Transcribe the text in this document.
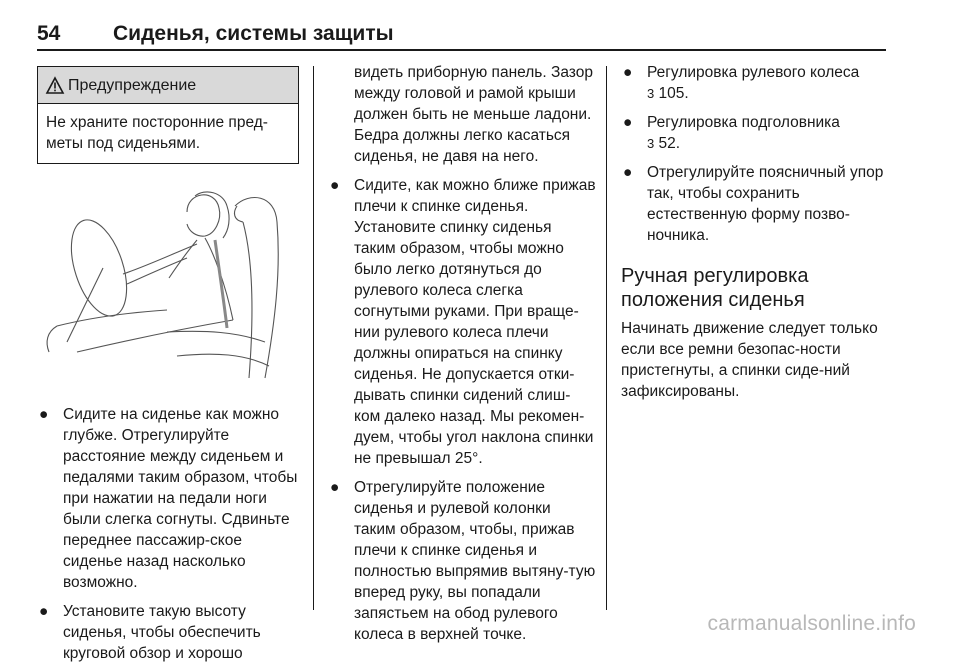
54	Сиденья, системы защиты
Предупреждение
Не храните посторонние пред-меты под сиденьями.
● Сидите на сиденье как можно глубже. Отрегулируйте расстояние между сиденьем и педалями таким образом, чтобы при нажатии на педали ноги были слегка согнуты. Сдвиньте переднее пассажир-ское сиденье назад насколько возможно.
● Установите такую высоту сиденья, чтобы обеспечить круговой обзор и хорошо

видеть приборную панель. Зазор между головой и рамой крыши должен быть не меньше ладони. Бедра должны легко касаться сиденья, не давя на него.

● Сидите, как можно ближе прижав плечи к спинке сиденья. Установите спинку сиденья таким образом, чтобы можно было легко дотянуться до рулевого колеса слегка согнутыми руками. При враще-нии рулевого колеса плечи должны опираться на спинку сиденья. Не допускается отки-дывать спинки сидений слиш-ком далеко назад. Мы рекомен-дуем, чтобы угол наклона спинки не превышал 25°.
● Отрегулируйте положение сиденья и рулевой колонки таким образом, чтобы, прижав плечи к спинке сиденья и полностью выпрямив вытяну-тую вперед руку, вы попадали запястьем на обод рулевого колеса в верхней точке.
● Регулировка рулевого колеса
3 105.
● Регулировка подголовника
3 52.
● Отрегулируйте поясничный упор так, чтобы сохранить естественную форму позво-ночника.
Ручная регулировка положения сиденья

Начинать движение следует только если все ремни безопас-ности пристегнуты, а спинки сиде-ний зафиксированы.

carmanualsonline.info
